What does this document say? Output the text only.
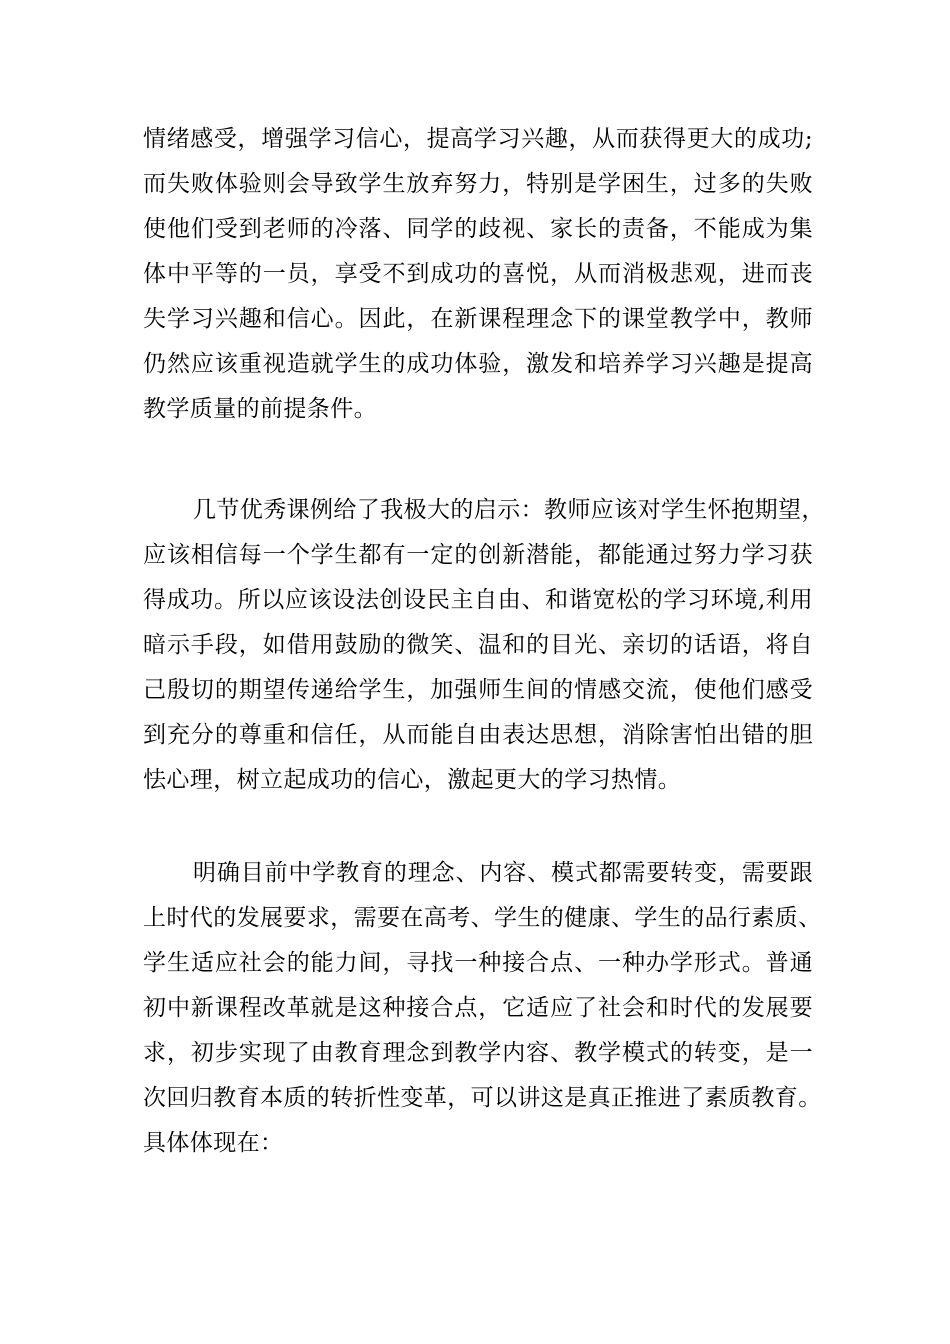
情绪感受，增强学习信心，提高学习兴趣，从而获得更大的成功;
而失败体验则会导致学生放弃努力，特别是学困生，过多的失败
使他们受到老师的冷落、同学的歧视、家长的责备，不能成为集
体中平等的一员，享受不到成功的喜悦，从而消极悲观，进而丧
失学习兴趣和信心。因此，在新课程理念下的课堂教学中，教师
仍然应该重视造就学生的成功体验，激发和培养学习兴趣是提高
教学质量的前提条件。
几节优秀课例给了我极大的启示：教师应该对学生怀抱期望，
应该相信每一个学生都有一定的创新潜能，都能通过努力学习获
得成功。所以应该设法创设民主自由、和谐宽松的学习环境,利用
暗示手段，如借用鼓励的微笑、温和的目光、亲切的话语，将自
己殷切的期望传递给学生，加强师生间的情感交流，使他们感受
到充分的尊重和信任，从而能自由表达思想，消除害怕出错的胆
怯心理，树立起成功的信心，激起更大的学习热情。
明确目前中学教育的理念、内容、模式都需要转变，需要跟
上时代的发展要求，需要在高考、学生的健康、学生的品行素质、
学生适应社会的能力间，寻找一种接合点、一种办学形式。普通
初中新课程改革就是这种接合点，它适应了社会和时代的发展要
求，初步实现了由教育理念到教学内容、教学模式的转变，是一
次回归教育本质的转折性变革，可以讲这是真正推进了素质教育。
具体体现在：
